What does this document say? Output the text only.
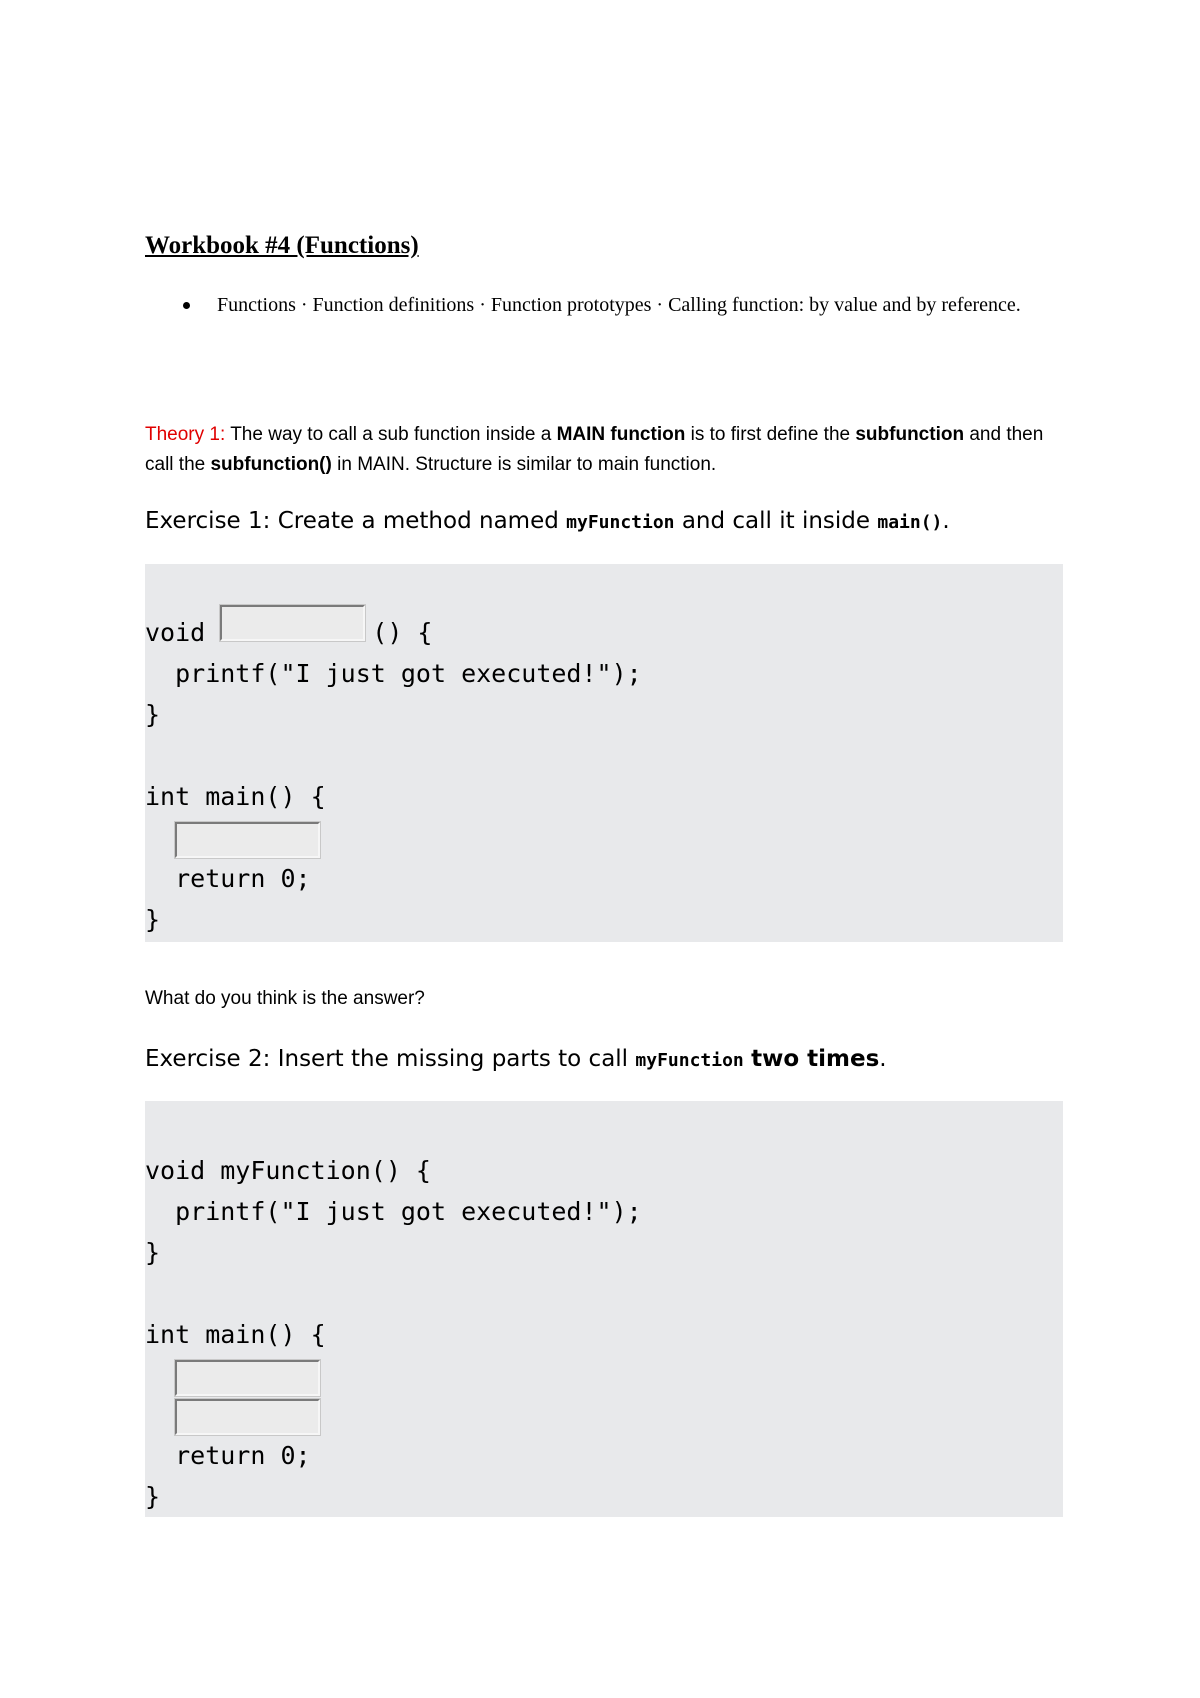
Workbook #4 (Functions)
Functions · Function definitions · Function prototypes · Calling function: by value and by reference.
Theory 1: The way to call a sub function inside a MAIN function is to first define the subfunction and then call the subfunction() in MAIN. Structure is similar to main function.
Exercise 1: Create a method named myFunction and call it inside main().
void	() {
printf("I just got executed!");
}
int main() {
return 0;
}
What do you think is the answer?
Exercise 2: Insert the missing parts to call myFunction two times.
void myFunction() {
printf("I just got executed!");
}
int main() {
return 0;
}
